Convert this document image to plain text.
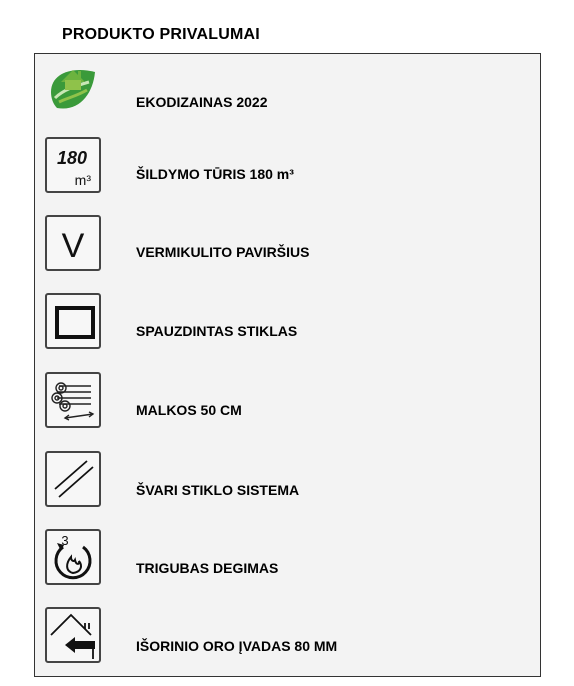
PRODUKTO PRIVALUMAI
EKODIZAINAS 2022
180
m³	ŠILDYMO TŪRIS 180 m³
V	VERMIKULITO PAVIRŠIUS
SPAUZDINTAS STIKLAS
MALKOS 50 CM
ŠVARI STIKLO SISTEMA
3
TRIGUBAS DEGIMAS
IŠORINIO ORO ĮVADAS 80 MM
